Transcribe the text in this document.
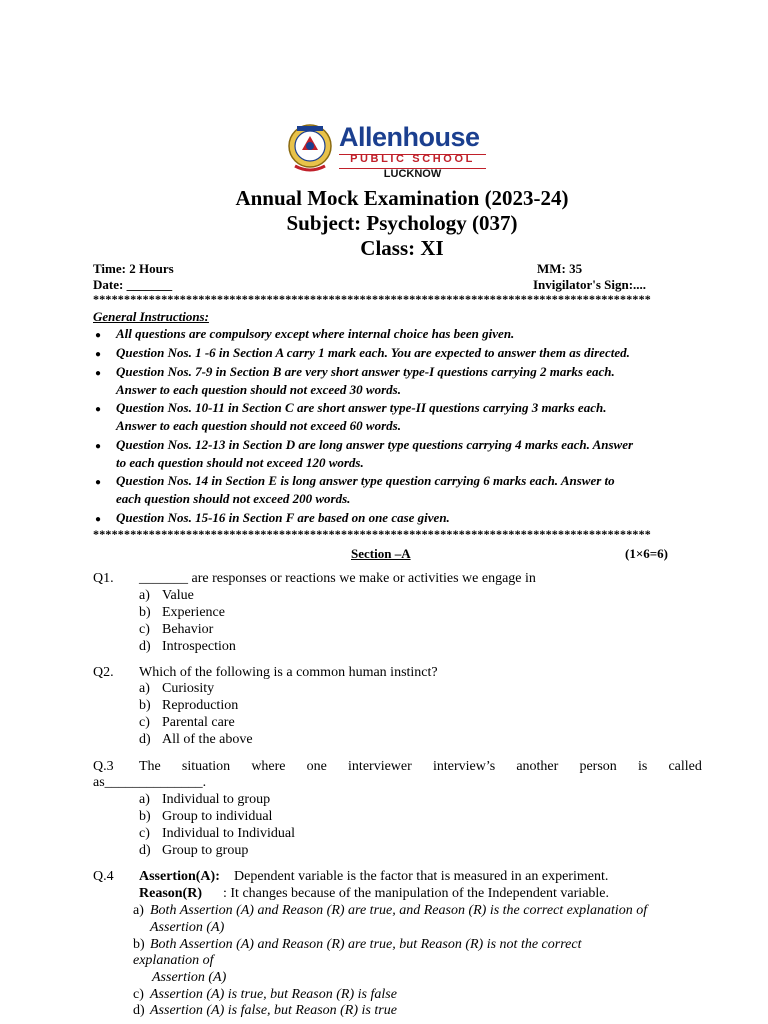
Allenhouse
PUBLIC SCHOOL
LUCKNOW
Annual Mock Examination (2023-24)
Subject: Psychology (037)
Class: XI
Time: 2 Hours	MM: 35
Date: _______	Invigilator's Sign:....
******************************************************************************************
General Instructions:
● All questions are compulsory except where internal choice has been given.
● Question Nos. 1 -6 in Section A carry 1 mark each. You are expected to answer them as directed.
● Question Nos. 7-9 in Section B are very short answer type-I questions carrying 2 marks each.
Answer to each question should not exceed 30 words.
● Question Nos. 10-11 in Section C are short answer type-II questions carrying 3 marks each.
Answer to each question should not exceed 60 words.
● Question Nos. 12-13 in Section D are long answer type questions carrying 4 marks each. Answer
to each question should not exceed 120 words.
● Question Nos. 14 in Section E is long answer type question carrying 6 marks each. Answer to
each question should not exceed 200 words.
● Question Nos. 15-16 in Section F are based on one case given.
******************************************************************************************
Section –A	(1×6=6)
Q1. _______ are responses or reactions we make or activities we engage in
a) Value
b) Experience
c) Behavior
d) Introspection
Q2. Which of the following is a common human instinct?
a) Curiosity
b) Reproduction
c) Parental care
d) All of the above
Q.3 The situation where one interviewer interview’s another person is called
as______________.
a) Individual to group
b) Group to individual
c) Individual to Individual
d) Group to group
Q.4 Assertion(A): Dependent variable is the factor that is measured in an experiment.
Reason(R) : It changes because of the manipulation of the Independent variable.
a) Both Assertion (A) and Reason (R) are true, and Reason (R) is the correct explanation of
Assertion (A)
b) Both Assertion (A) and Reason (R) are true, but Reason (R) is not the correct
explanation of
Assertion (A)
c) Assertion (A) is true, but Reason (R) is false
d) Assertion (A) is false, but Reason (R) is true
